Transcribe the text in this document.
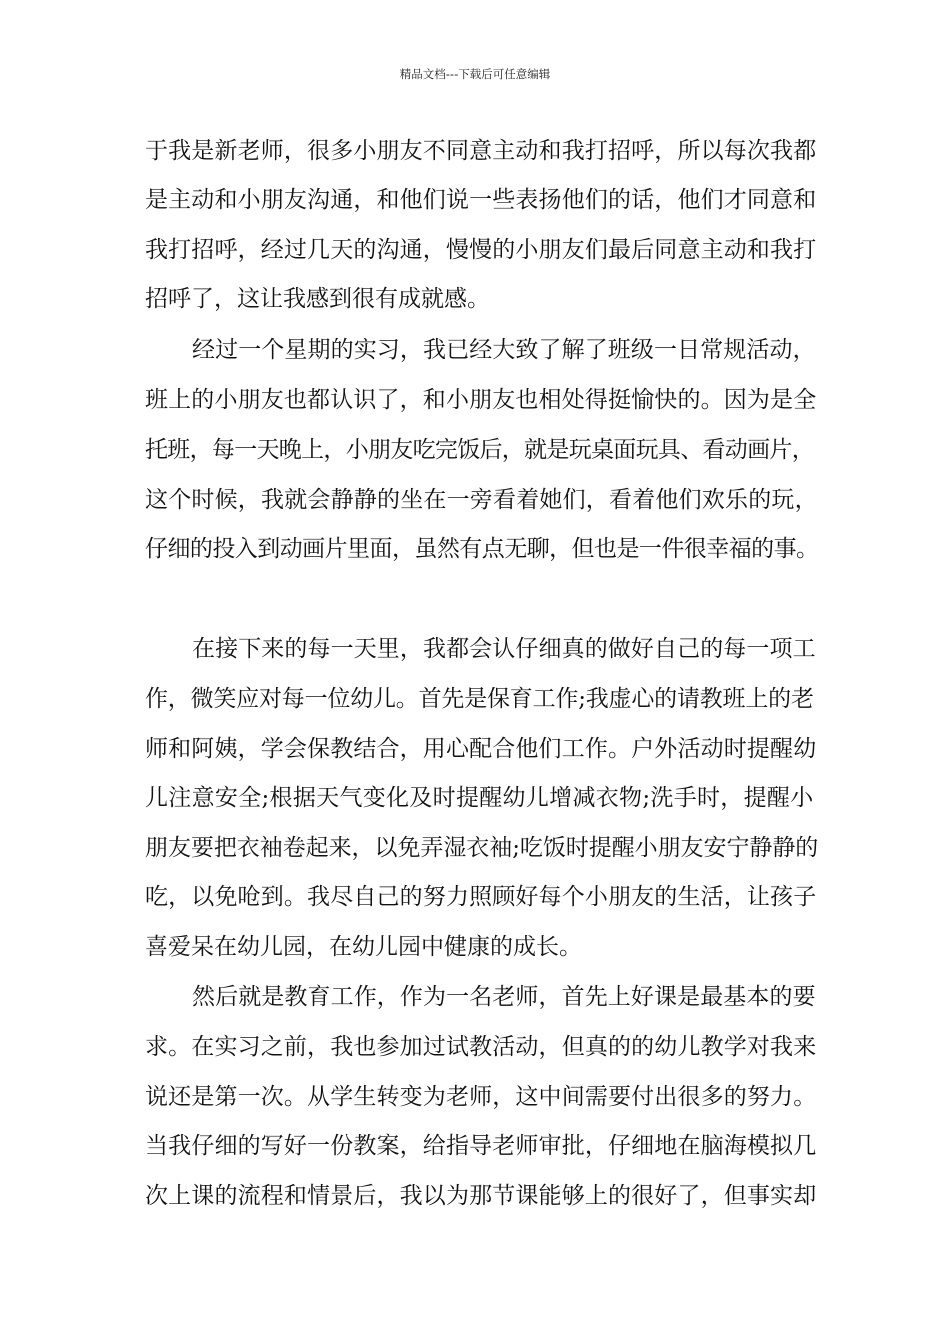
精品文档---下载后可任意编辑
于我是新老师，很多小朋友不同意主动和我打招呼，所以每次我都
是主动和小朋友沟通，和他们说一些表扬他们的话，他们才同意和
我打招呼，经过几天的沟通，慢慢的小朋友们最后同意主动和我打
招呼了，这让我感到很有成就感。
经过一个星期的实习，我已经大致了解了班级一日常规活动，
班上的小朋友也都认识了，和小朋友也相处得挺愉快的。因为是全
托班，每一天晚上，小朋友吃完饭后，就是玩桌面玩具、看动画片，
这个时候，我就会静静的坐在一旁看着她们，看着他们欢乐的玩，
仔细的投入到动画片里面，虽然有点无聊，但也是一件很幸福的事。
在接下来的每一天里，我都会认仔细真的做好自己的每一项工
作，微笑应对每一位幼儿。首先是保育工作;我虚心的请教班上的老
师和阿姨，学会保教结合，用心配合他们工作。户外活动时提醒幼
儿注意安全;根据天气变化及时提醒幼儿增减衣物;洗手时，提醒小
朋友要把衣袖卷起来，以免弄湿衣袖;吃饭时提醒小朋友安宁静静的
吃，以免呛到。我尽自己的努力照顾好每个小朋友的生活，让孩子
喜爱呆在幼儿园，在幼儿园中健康的成长。
然后就是教育工作，作为一名老师，首先上好课是最基本的要
求。在实习之前，我也参加过试教活动，但真的的幼儿教学对我来
说还是第一次。从学生转变为老师，这中间需要付出很多的努力。
当我仔细的写好一份教案，给指导老师审批，仔细地在脑海模拟几
次上课的流程和情景后，我以为那节课能够上的很好了，但事实却
